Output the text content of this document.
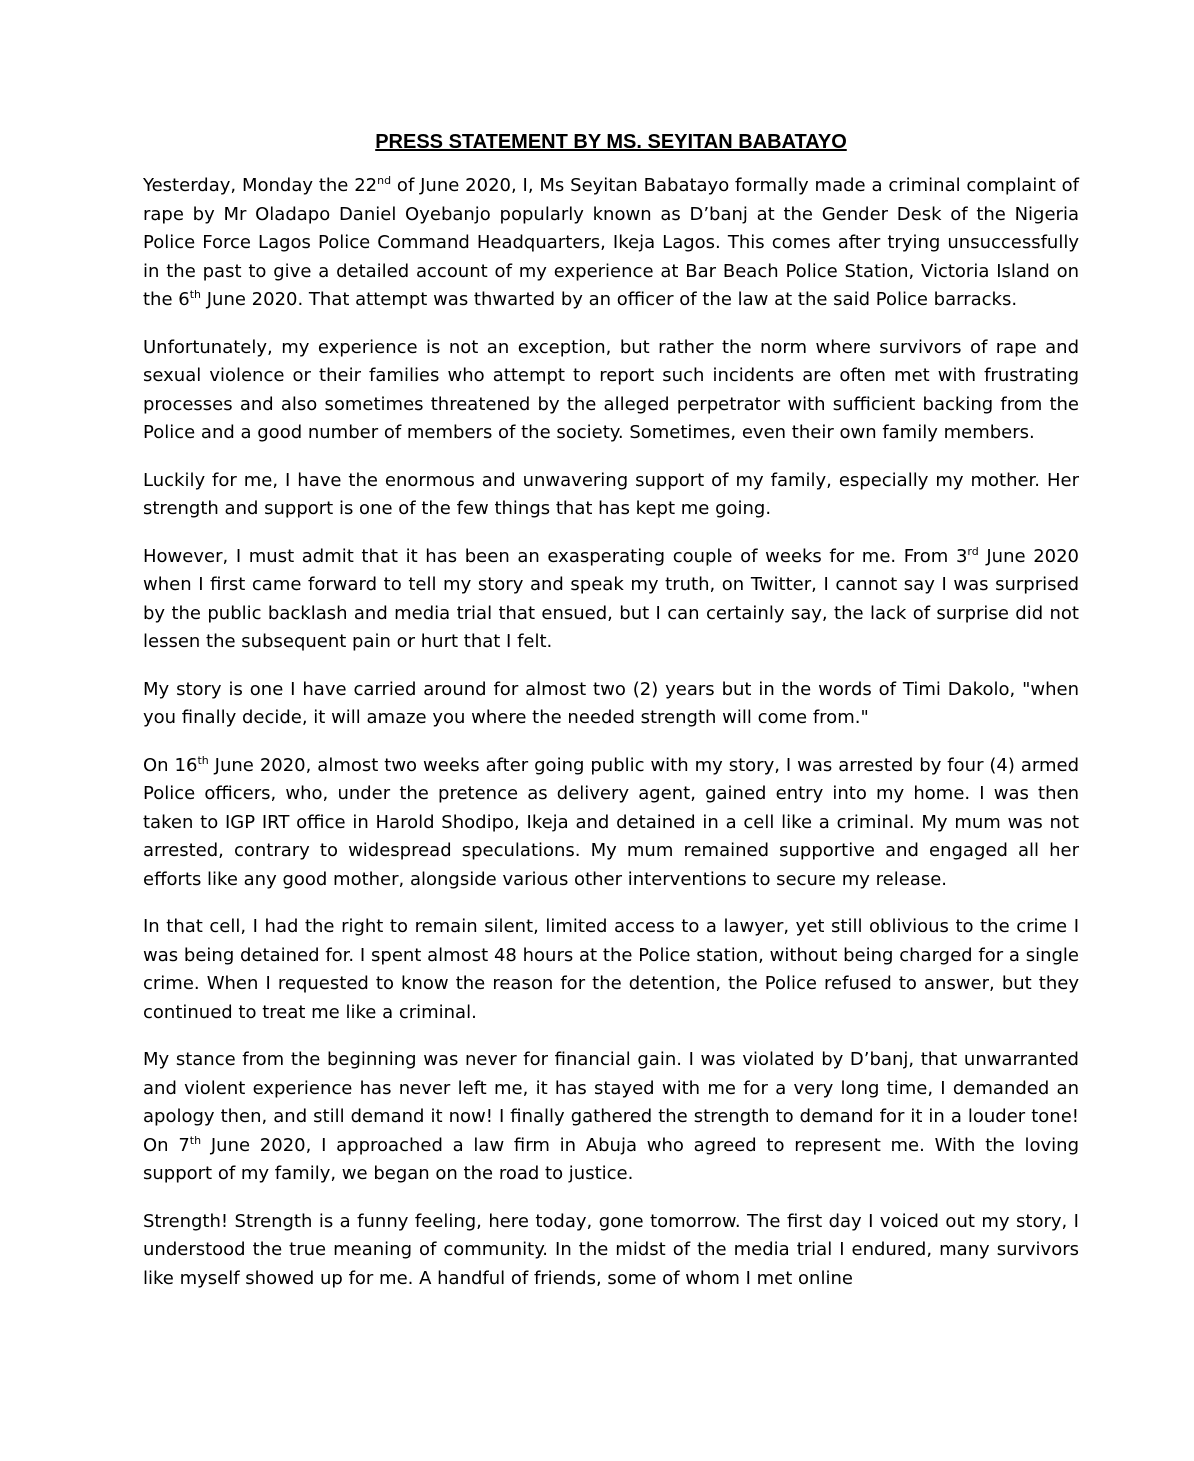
PRESS STATEMENT BY MS. SEYITAN BABATAYO

Yesterday, Monday the 22nd of June 2020, I, Ms Seyitan Babatayo formally made a criminal complaint of rape by Mr Oladapo Daniel Oyebanjo popularly known as D’banj at the Gender Desk of the Nigeria Police Force Lagos Police Command Headquarters, Ikeja Lagos. This comes after trying unsuccessfully in the past to give a detailed account of my experience at Bar Beach Police Station, Victoria Island on the 6th June 2020. That attempt was thwarted by an officer of the law at the said Police barracks.

Unfortunately, my experience is not an exception, but rather the norm where survivors of rape and sexual violence or their families who attempt to report such incidents are often met with frustrating processes and also sometimes threatened by the alleged perpetrator with sufficient backing from the Police and a good number of members of the society. Sometimes, even their own family members.

Luckily for me, I have the enormous and unwavering support of my family, especially my mother. Her strength and support is one of the few things that has kept me going.

However, I must admit that it has been an exasperating couple of weeks for me. From 3rd June 2020 when I first came forward to tell my story and speak my truth, on Twitter, I cannot say I was surprised by the public backlash and media trial that ensued, but I can certainly say, the lack of surprise did not lessen the subsequent pain or hurt that I felt.

My story is one I have carried around for almost two (2) years but in the words of Timi Dakolo, "when you finally decide, it will amaze you where the needed strength will come from."

On 16th June 2020, almost two weeks after going public with my story, I was arrested by four (4) armed Police officers, who, under the pretence as delivery agent, gained entry into my home. I was then taken to IGP IRT office in Harold Shodipo, Ikeja and detained in a cell like a criminal. My mum was not arrested, contrary to widespread speculations. My mum remained supportive and engaged all her efforts like any good mother, alongside various other interventions to secure my release.

In that cell, I had the right to remain silent, limited access to a lawyer, yet still oblivious to the crime I was being detained for. I spent almost 48 hours at the Police station, without being charged for a single crime. When I requested to know the reason for the detention, the Police refused to answer, but they continued to treat me like a criminal.

My stance from the beginning was never for financial gain. I was violated by D’banj, that unwarranted and violent experience has never left me, it has stayed with me for a very long time, I demanded an apology then, and still demand it now! I finally gathered the strength to demand for it in a louder tone! On 7th June 2020, I approached a law firm in Abuja who agreed to represent me. With the loving support of my family, we began on the road to justice.

Strength! Strength is a funny feeling, here today, gone tomorrow. The first day I voiced out my story, I understood the true meaning of community. In the midst of the media trial I endured, many survivors like myself showed up for me. A handful of friends, some of whom I met online
